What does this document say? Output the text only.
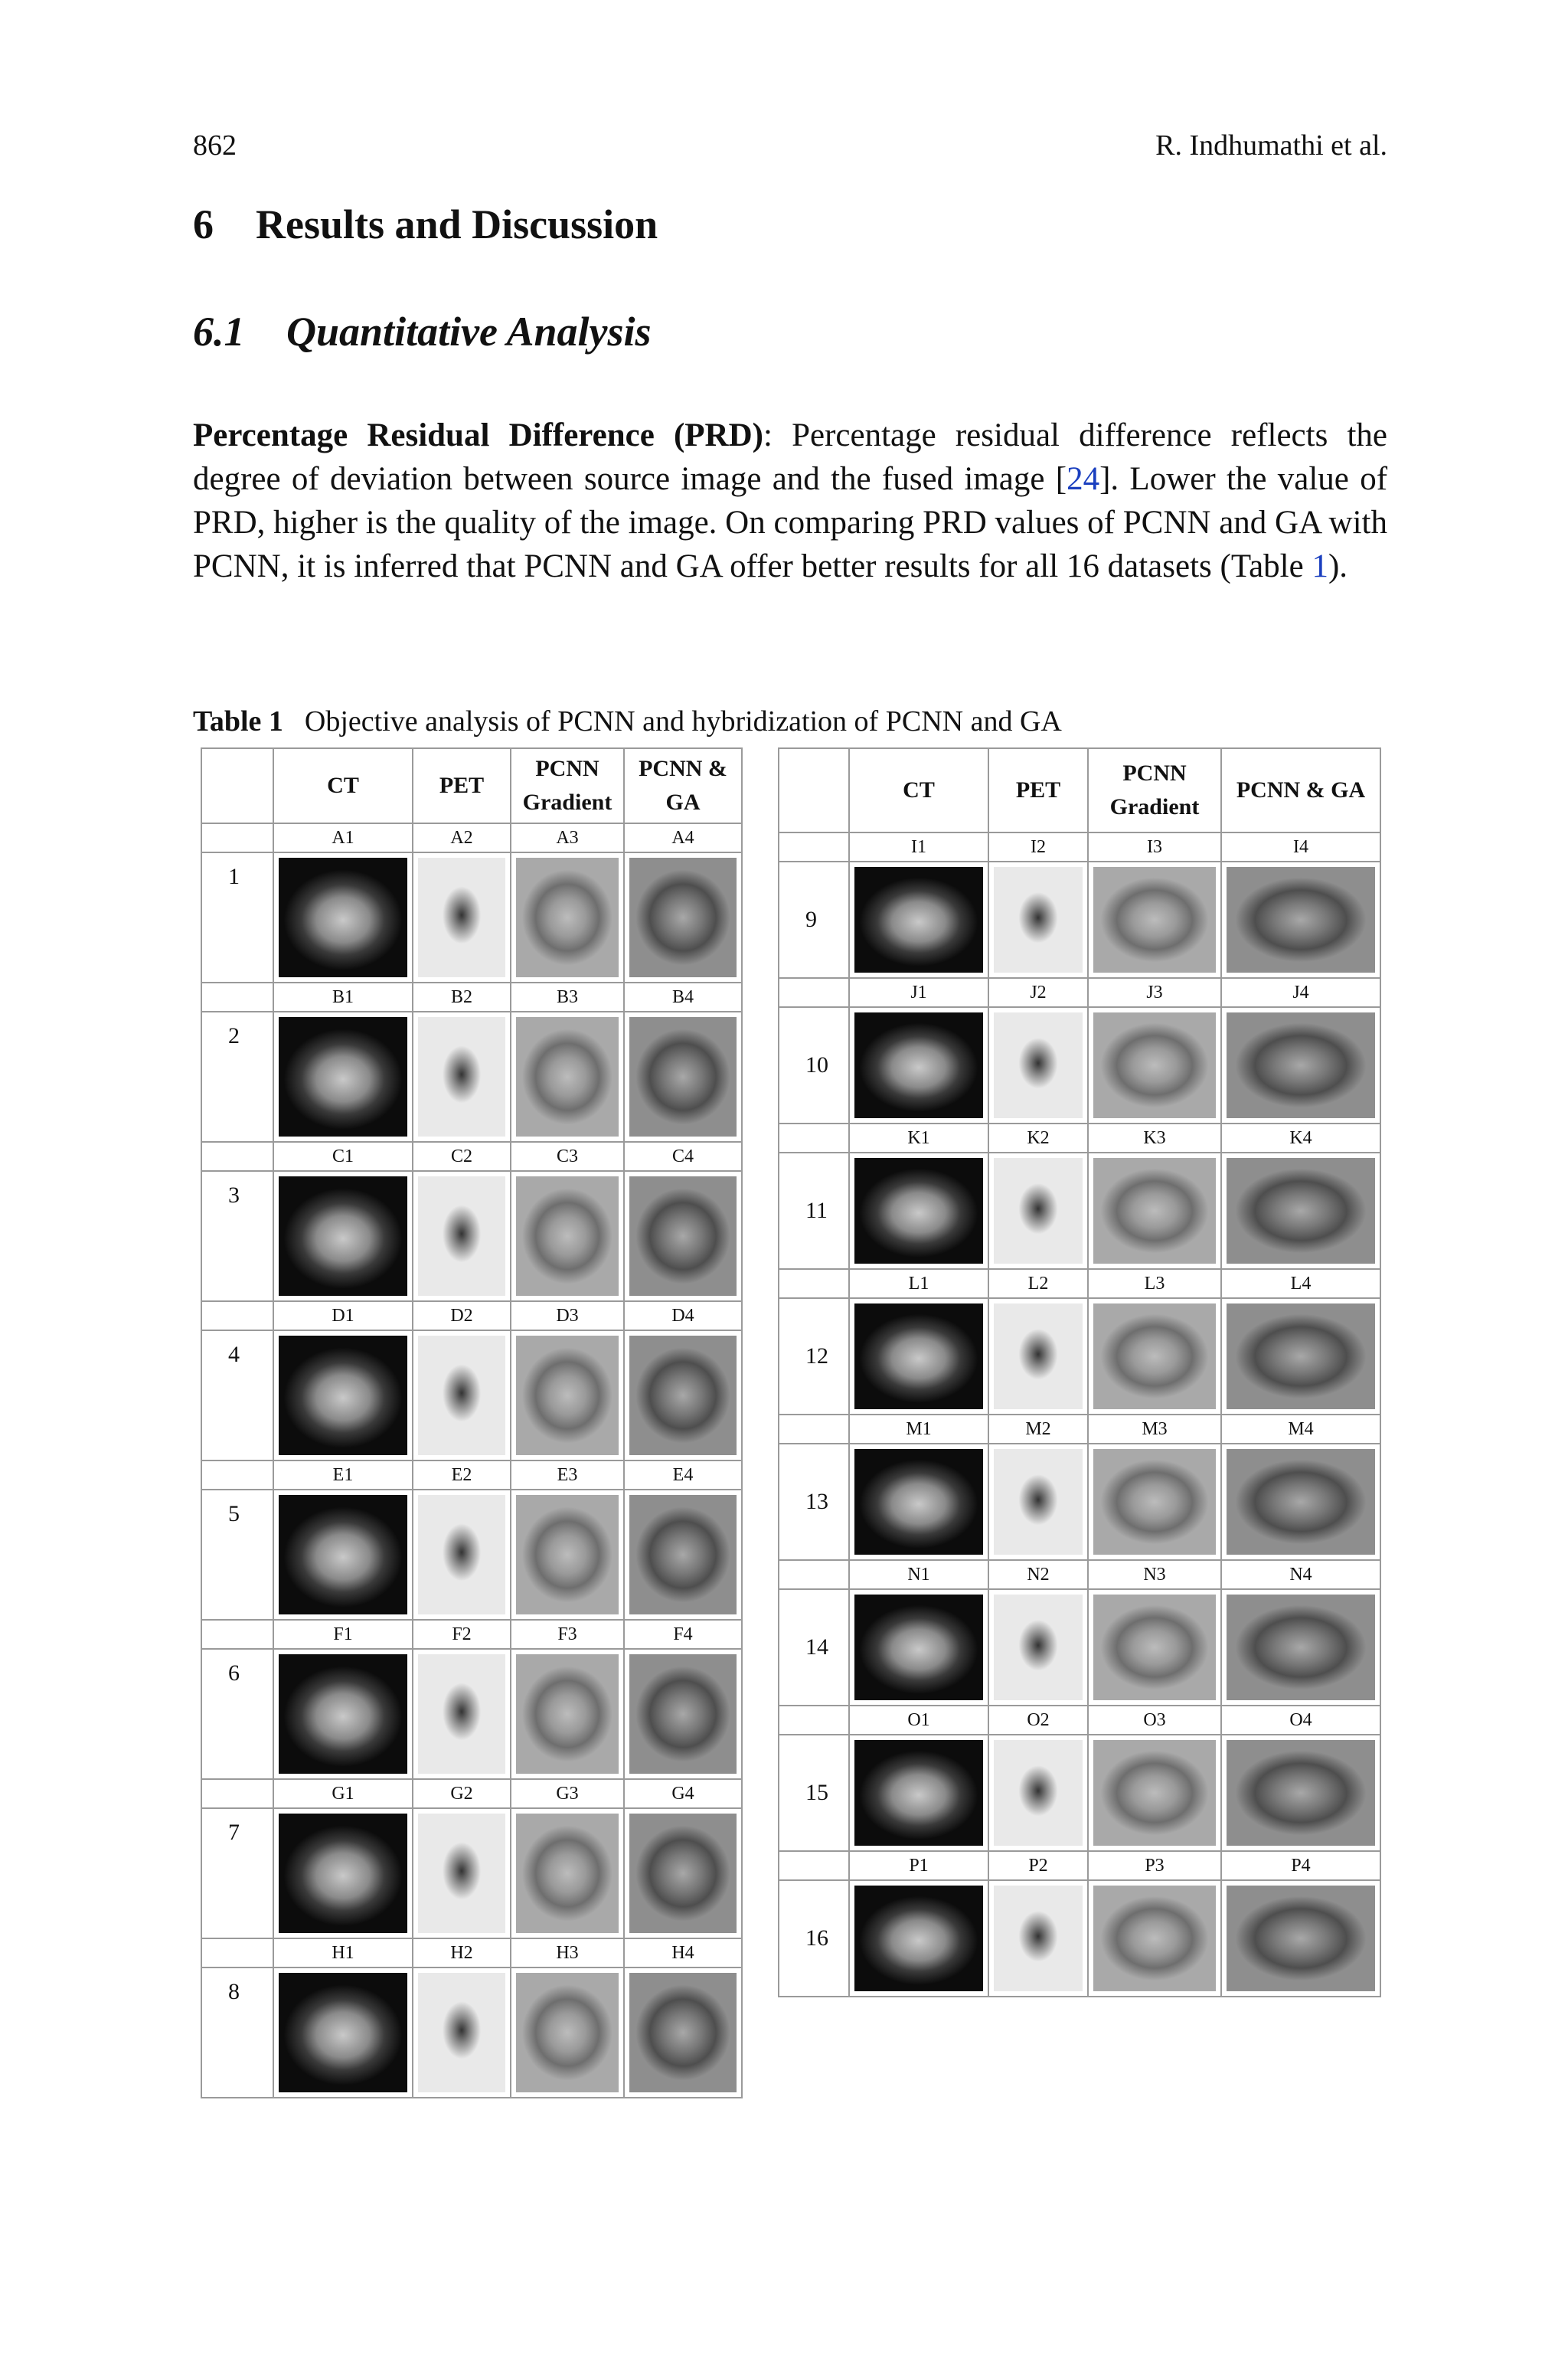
862	R. Indhumathi et al.
6 Results and Discussion
6.1 Quantitative Analysis

Percentage Residual Difference (PRD): Percentage residual difference reflects the degree of deviation between source image and the fused image [24]. Lower the value of PRD, higher is the quality of the image. On comparing PRD values of PCNN and GA with PCNN, it is inferred that PCNN and GA offer better results for all 16 datasets (Table 1).

Table 1 Objective analysis of PCNN and hybridization of PCNN and GA
	CT	PET	PCNN Gradient	PCNN & GA
	A1	A2	A3	A4
1	

	B1	B2	B3	B4
2	

	C1	C2	C3	C4
3	

	D1	D2	D3	D4
4	

	E1	E2	E3	E4
5	

	F1	F2	F3	F4
6	

	G1	G2	G3	G4
7	

	H1	H2	H3	H4
8	

	CT	PET	PCNN Gradient	PCNN & GA
	I1	I2	I3	I4
9	

	J1	J2	J3	J4
10	

	K1	K2	K3	K4
11	

	L1	L2	L3	L4
12	

	M1	M2	M3	M4
13	

	N1	N2	N3	N4
14	

	O1	O2	O3	O4
15	

	P1	P2	P3	P4
16	
